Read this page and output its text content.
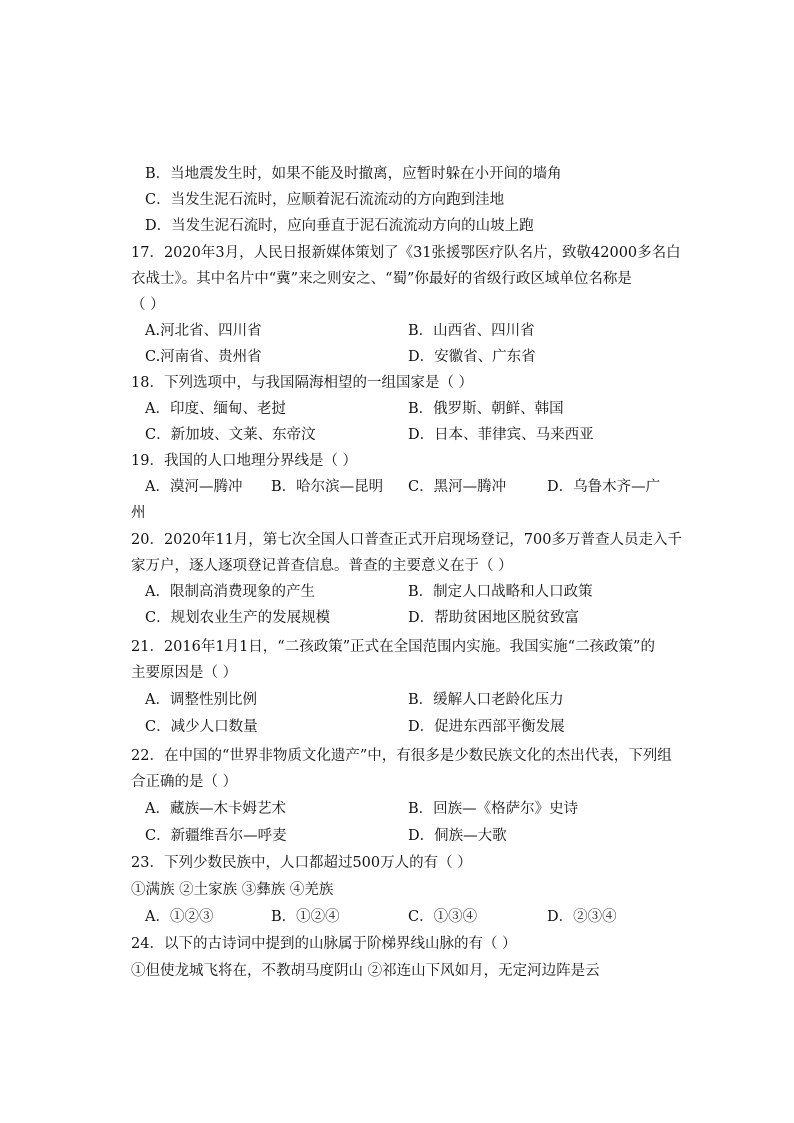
B．当地震发生时，如果不能及时撤离，应暂时躲在小开间的墙角
C．当发生泥石流时，应顺着泥石流流动的方向跑到洼地
D．当发生泥石流时，应向垂直于泥石流流动方向的山坡上跑
17．2020年3月，人民日报新媒体策划了《31张援鄂医疗队名片，致敬42000多名白
衣战士》。其中名片中“冀”来之则安之、“蜀”你最好的省级行政区域单位名称是
（ ）
A.河北省、四川省	B．山西省、四川省
C.河南省、贵州省	D．安徽省、广东省
18．下列选项中，与我国隔海相望的一组国家是（ ）
A．印度、缅甸、老挝	B．俄罗斯、朝鲜、韩国
C．新加坡、文莱、东帝汶	D．日本、菲律宾、马来西亚
19．我国的人口地理分界线是（ ）
A．漠河—腾冲 B．哈尔滨—昆明 C．黑河—腾冲	D．乌鲁木齐—广
州
20．2020年11月，第七次全国人口普查正式开启现场登记，700多万普查人员走入千
家万户，逐人逐项登记普查信息。普查的主要意义在于（ ）
A．限制高消费现象的产生	B．制定人口战略和人口政策
C．规划农业生产的发展规模	D．帮助贫困地区脱贫致富
21．2016年1月1日，“二孩政策”正式在全国范围内实施。我国实施“二孩政策”的
主要原因是（ ）
A．调整性别比例	B．缓解人口老龄化压力
C．减少人口数量	D．促进东西部平衡发展
22．在中国的“世界非物质文化遗产”中，有很多是少数民族文化的杰出代表，下列组
合正确的是（ ）
A．藏族—木卡姆艺术	B．回族—《格萨尔》史诗
C．新疆维吾尔—呼麦	D．侗族—大歌
23．下列少数民族中，人口都超过500万人的有（ ）
①满族 ②土家族 ③彝族 ④羌族
A．①②③	B．①②④	C．①③④	D．②③④
24．以下的古诗词中提到的山脉属于阶梯界线山脉的有（ ）
①但使龙城飞将在，不教胡马度阴山 ②祁连山下风如月，无定河边阵是云
